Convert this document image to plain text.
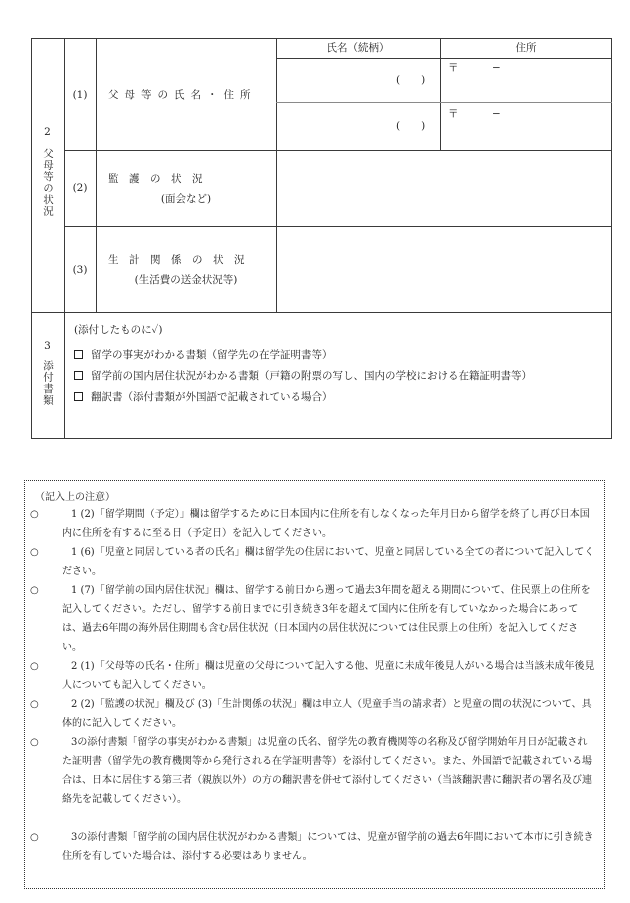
氏名（続柄）	住所
2
父母等の状況
(1)	父母等の氏名・住所
(　　)
〒	−
(　　)
〒	−
(2)
監　護　の　状　況
(面会など)
(3)
生　計　関　係　の　状　況
(生活費の送金状況等)
3
添付書類
(添付したものに✓)
留学の事実がわかる書類（留学先の在学証明書等）
留学前の国内居住状況がわかる書類（戸籍の附票の写し、国内の学校における在籍証明書等）
翻訳書（添付書類が外国語で記載されている場合）
（記入上の注意）
○	1 (2)「留学期間（予定）」欄は留学するために日本国内に住所を有しなくなった年月日から留学を終了し再び日本国内に住所を有するに至る日（予定日）を記入してください。
○	1 (6)「児童と同居している者の氏名」欄は留学先の住居において、児童と同居している全ての者について記入してください。
○	1 (7)「留学前の国内居住状況」欄は、留学する前日から遡って過去3年間を超える期間について、住民票上の住所を記入してください。ただし、留学する前日までに引き続き3年を超えて国内に住所を有していなかった場合にあっては、過去6年間の海外居住期間も含む居住状況（日本国内の居住状況については住民票上の住所）を記入してください。
○	2 (1)「父母等の氏名・住所」欄は児童の父母について記入する他、児童に未成年後見人がいる場合は当該未成年後見人についても記入してください。
○	2 (2)「監護の状況」欄及び (3)「生計関係の状況」欄は申立人（児童手当の請求者）と児童の間の状況について、具体的に記入してください。
○	3の添付書類「留学の事実がわかる書類」は児童の氏名、留学先の教育機関等の名称及び留学開始年月日が記載された証明書（留学先の教育機関等から発行される在学証明書等）を添付してください。また、外国語で記載されている場合は、日本に居住する第三者（親族以外）の方の翻訳書を併せて添付してください（当該翻訳書に翻訳者の署名及び連絡先を記載してください）。
○	3の添付書類「留学前の国内居住状況がわかる書類」については、児童が留学前の過去6年間において本市に引き続き住所を有していた場合は、添付する必要はありません。
